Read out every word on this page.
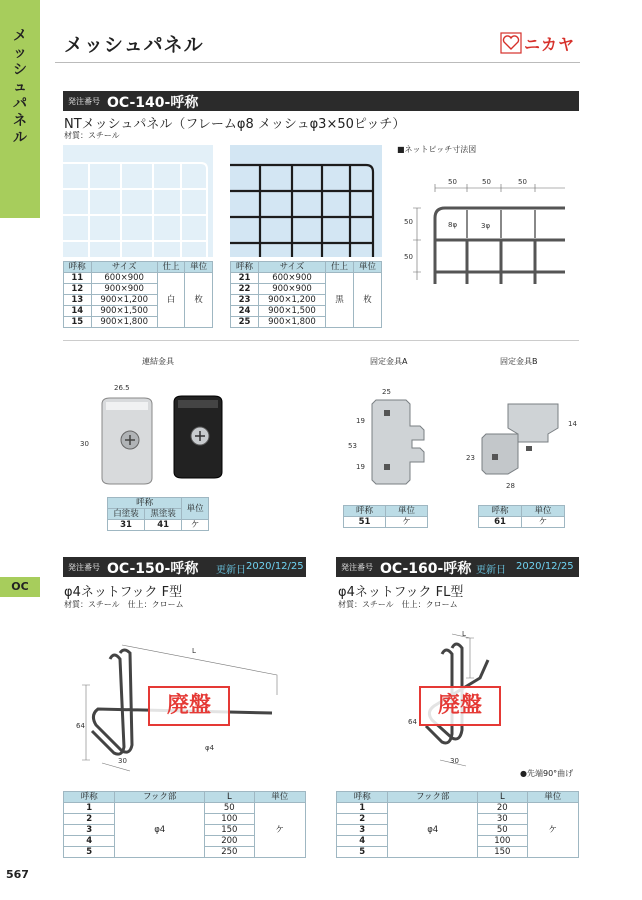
メッシュパネル
OC
メッシュパネル	ニカヤ
発注番号 OC-140-呼称
NTメッシュパネル（フレームφ8 メッシュφ3×50ピッチ）
材質：スチール
■ネットピッチ寸法図
50	50	50
50
50
8φ	3φ
呼称	サイズ	仕上	単位
11	600×900	白	枚
12	900×900		
13	900×1,200		
14	900×1,500		
15	900×1,800		
呼称	サイズ	仕上	単位
21	600×900	黒	枚
22	900×900		
23	900×1,200		
24	900×1,500		
25	900×1,800		
連結金具
26.5
30
呼称		単位
白塗装	黒塗装	
31	41	ケ
固定金具A
25
19
53
19
呼称	単位
51	ケ
固定金具B
14
23
28
呼称	単位
61	ケ
発注番号 OC-150-呼称 更新日 2020/12/25
φ4ネットフック F型
材質：スチール　仕上：クローム
L
64
30
φ4
廃盤
呼称	フック部	L	単位
1	φ4	50	ケ
2		100	
3		150	
4		200	
5		250	
発注番号 OC-160-呼称 更新日 2020/12/25
φ4ネットフック FL型
材質：スチール　仕上：クローム
L
64
30
廃盤
●先端90°曲げ
呼称	フック部	L	単位
1	φ4	20	ケ
2		30	
3		50	
4		100	
5		150	
567
